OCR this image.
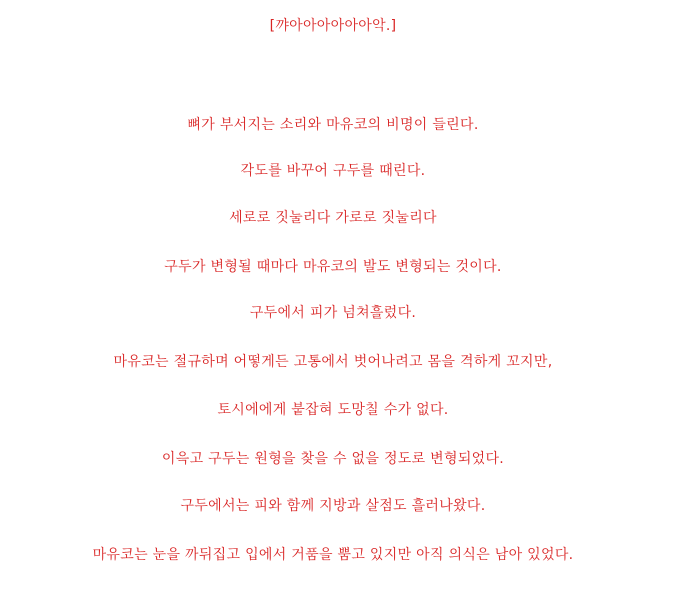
[꺄아아아아아아악.]
뼈가 부서지는 소리와 마유코의 비명이 들린다.
각도를 바꾸어 구두를 때린다.
세로로 짓눌리다 가로로 짓눌리다
구두가 변형될 때마다 마유코의 발도 변형되는 것이다.
구두에서 피가 넘쳐흘렀다.
마유코는 절규하며 어떻게든 고통에서 벗어나려고 몸을 격하게 꼬지만,
토시에에게 붙잡혀 도망칠 수가 없다.
이윽고 구두는 원형을 찾을 수 없을 정도로 변형되었다.
구두에서는 피와 함께 지방과 살점도 흘러나왔다.
마유코는 눈을 까뒤집고 입에서 거품을 뿜고 있지만 아직 의식은 남아 있었다.
